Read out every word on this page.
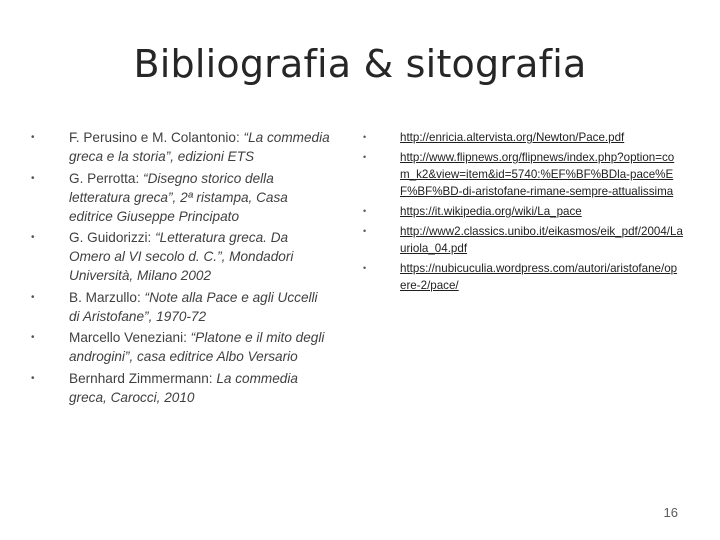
Bibliografia & sitografia
•	F. Perusino e M. Colantonio: “La commedia greca e la storia”, edizioni ETS
•	G. Perrotta: “Disegno storico della letteratura greca”, 2ª ristampa, Casa editrice Giuseppe Principato
•	G. Guidorizzi: “Letteratura greca. Da Omero al VI secolo d. C.”, Mondadori Università, Milano 2002
•	B. Marzullo: “Note alla Pace e agli Uccelli di Aristofane”, 1970-72
•	Marcello Veneziani: “Platone e il mito degli androgini”, casa editrice Albo Versario
•	Bernhard Zimmermann: La commedia greca, Carocci, 2010
•	http://enricia.altervista.org/Newton/Pace.pdf
•	http://www.flipnews.org/flipnews/index.php?option=com_k2&view=item&id=5740:%EF%BF%BDla-pace%EF%BF%BD-di-aristofane-rimane-sempre-attualissima
•	https://it.wikipedia.org/wiki/La_pace
•	http://www2.classics.unibo.it/eikasmos/eik_pdf/2004/Lauriola_04.pdf
•	https://nubicuculia.wordpress.com/autori/aristofane/opere-2/pace/
16
